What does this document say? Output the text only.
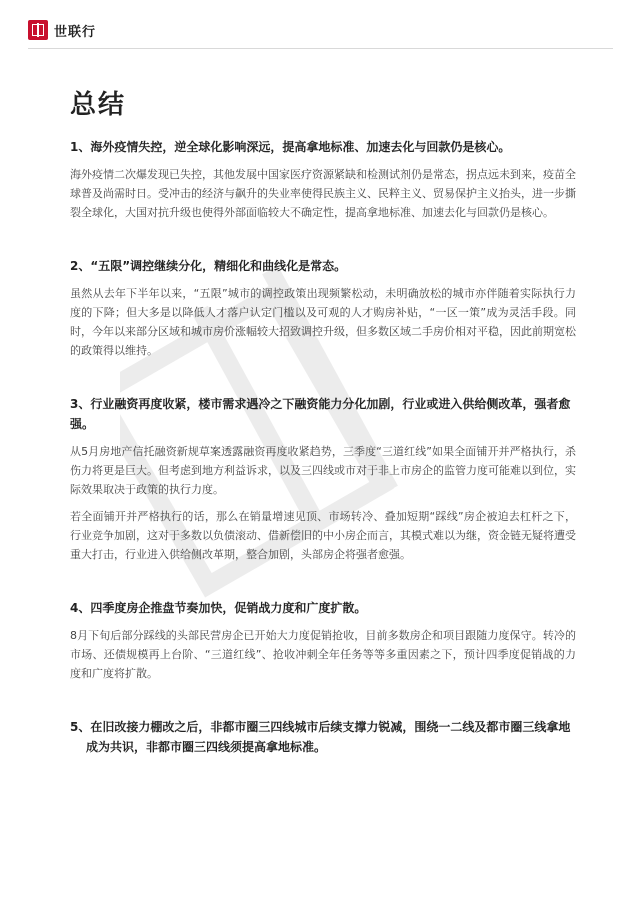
世联行
总结

1、海外疫情失控，逆全球化影响深远，提高拿地标准、加速去化与回款仍是核心。

海外疫情二次爆发现已失控，其他发展中国家医疗资源紧缺和检测试剂仍是常态，拐点远未到来，疫苗全球普及尚需时日。受冲击的经济与飙升的失业率使得民族主义、民粹主义、贸易保护主义抬头，进一步撕裂全球化，大国对抗升级也使得外部面临较大不确定性，提高拿地标准、加速去化与回款仍是核心。

2、“五限”调控继续分化，精细化和曲线化是常态。

虽然从去年下半年以来，“五限”城市的调控政策出现频繁松动，未明确放松的城市亦伴随着实际执行力度的下降；但大多是以降低人才落户认定门槛以及可观的人才购房补贴，“一区一策”成为灵活手段。同时，今年以来部分区域和城市房价涨幅较大招致调控升级，但多数区域二手房价相对平稳，因此前期宽松的政策得以维持。

3、行业融资再度收紧，楼市需求遇冷之下融资能力分化加剧，行业或进入供给侧改革，强者愈强。

从5月房地产信托融资新规草案透露融资再度收紧趋势，三季度“三道红线”如果全面铺开并严格执行，杀伤力将更是巨大。但考虑到地方利益诉求，以及三四线或市对于非上市房企的监管力度可能难以到位，实际效果取决于政策的执行力度。

若全面铺开并严格执行的话，那么在销量增速见顶、市场转冷、叠加短期“踩线”房企被迫去杠杆之下，行业竞争加剧，这对于多数以负债滚动、借新偿旧的中小房企而言，其模式难以为继，资金链无疑将遭受重大打击，行业进入供给侧改革期，整合加剧，头部房企将强者愈强。

4、四季度房企推盘节奏加快，促销战力度和广度扩散。

8月下旬后部分踩线的头部民营房企已开始大力度促销抢收，目前多数房企和项目跟随力度保守。转冷的市场、还债规模再上台阶、“三道红线”、抢收冲刺全年任务等等多重因素之下，预计四季度促销战的力度和广度将扩散。

5、在旧改接力棚改之后，非都市圈三四线城市后续支撑力锐减，围绕一二线及都市圈三线拿地成为共识，非都市圈三四线须提高拿地标准。
